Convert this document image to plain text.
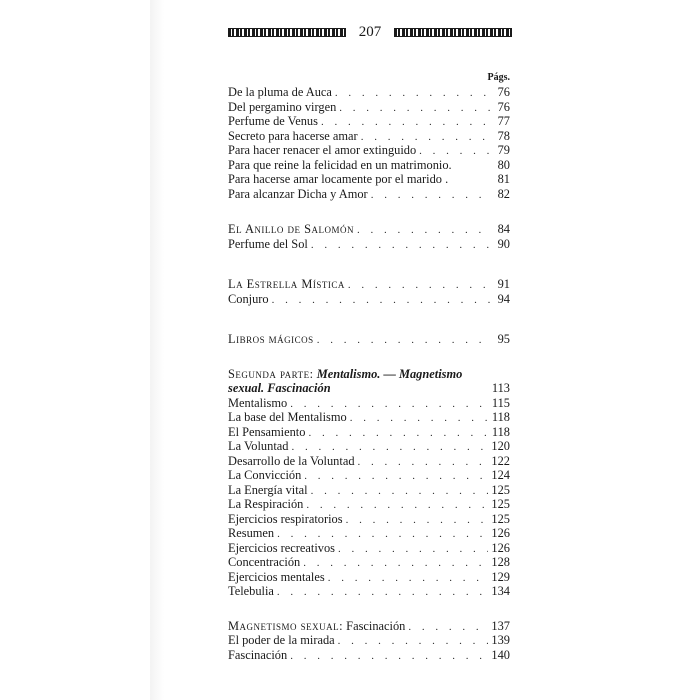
207
Págs.
De la pluma de Auca . . .	76
Del pergamino virgen . . .	76
Perfume de Venus . . .	77
Secreto para hacerse amar . . .	78
Para hacer renacer el amor extinguido . . .	79
Para que reine la felicidad en un matrimonio.	80
Para hacerse amar locamente por el marido .	81
Para alcanzar Dicha y Amor . . .	82
El Anillo de Salomón . . .	84
Perfume del Sol . . .	90
La Estrella Mística . . .	91
Conjuro . . .	94
Libros mágicos . . .	95
Segunda parte: Mentalismo. — Magnetismo
sexual. Fascinación	113
Mentalismo . . .	115
La base del Mentalismo . . .	118
El Pensamiento . . .	118
La Voluntad . . .	120
Desarrollo de la Voluntad . . .	122
La Convicción . . .	124
La Energía vital . . .	125
La Respiración . . .	125
Ejercicios respiratorios . . .	125
Resumen . . .	126
Ejercicios recreativos . . .	126
Concentración . . .	128
Ejercicios mentales . . .	129
Telebulia . . .	134
Magnetismo sexual: Fascinación . . .	137
El poder de la mirada . . .	139
Fascinación . . .	140
